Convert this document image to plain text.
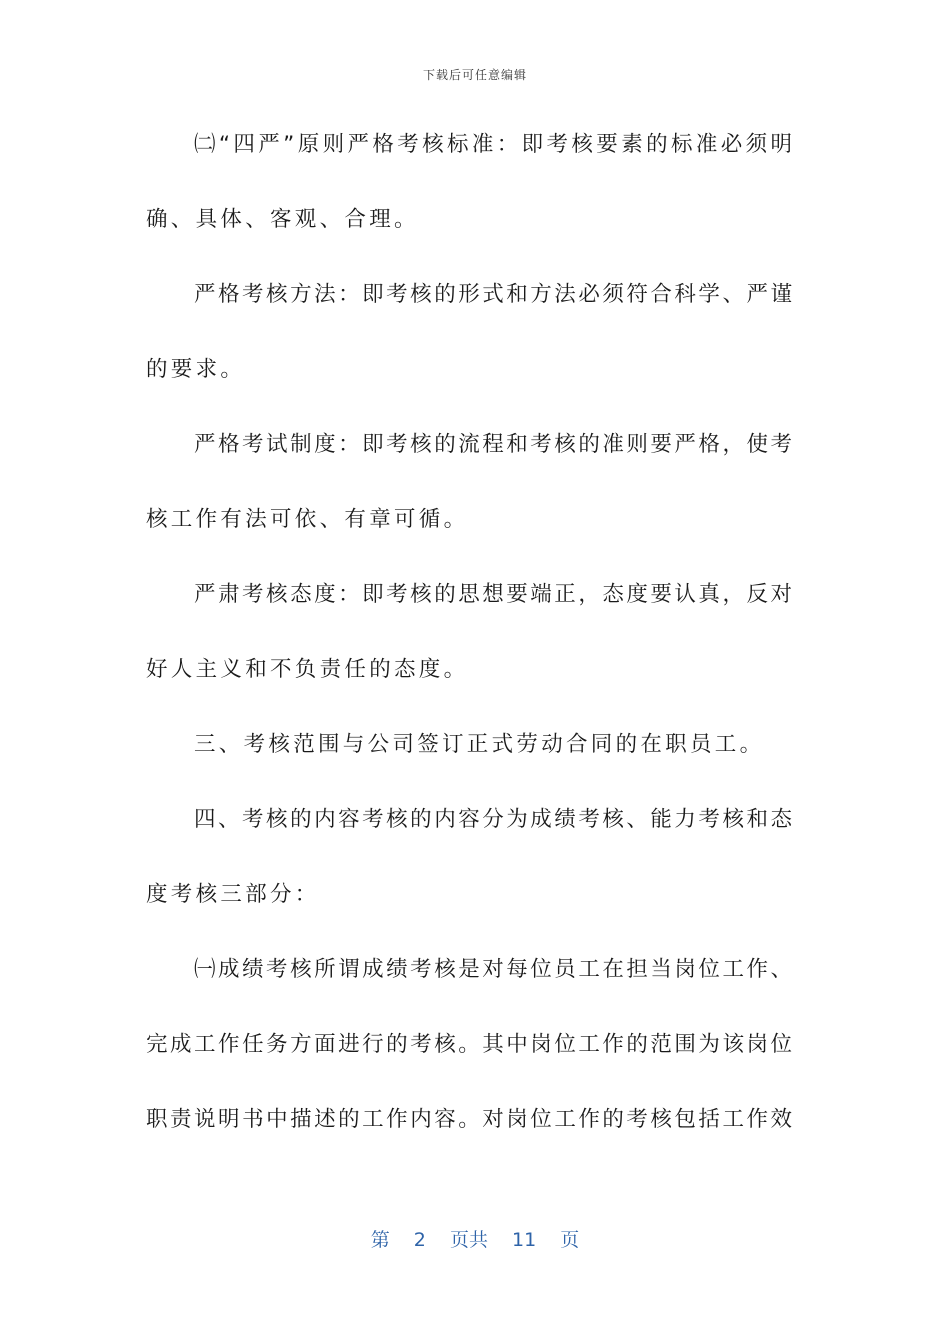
下载后可任意编辑
㈡“四严”原则严格考核标准：即考核要素的标准必须明
确、具体、客观、合理。
严格考核方法：即考核的形式和方法必须符合科学、严谨
的要求。
严格考试制度：即考核的流程和考核的准则要严格，使考
核工作有法可依、有章可循。
严肃考核态度：即考核的思想要端正，态度要认真，反对
好人主义和不负责任的态度。
三、考核范围与公司签订正式劳动合同的在职员工。
四、考核的内容考核的内容分为成绩考核、能力考核和态
度考核三部分：
㈠成绩考核所谓成绩考核是对每位员工在担当岗位工作、
完成工作任务方面进行的考核。其中岗位工作的范围为该岗位
职责说明书中描述的工作内容。对岗位工作的考核包括工作效
第 2 页共 11 页
